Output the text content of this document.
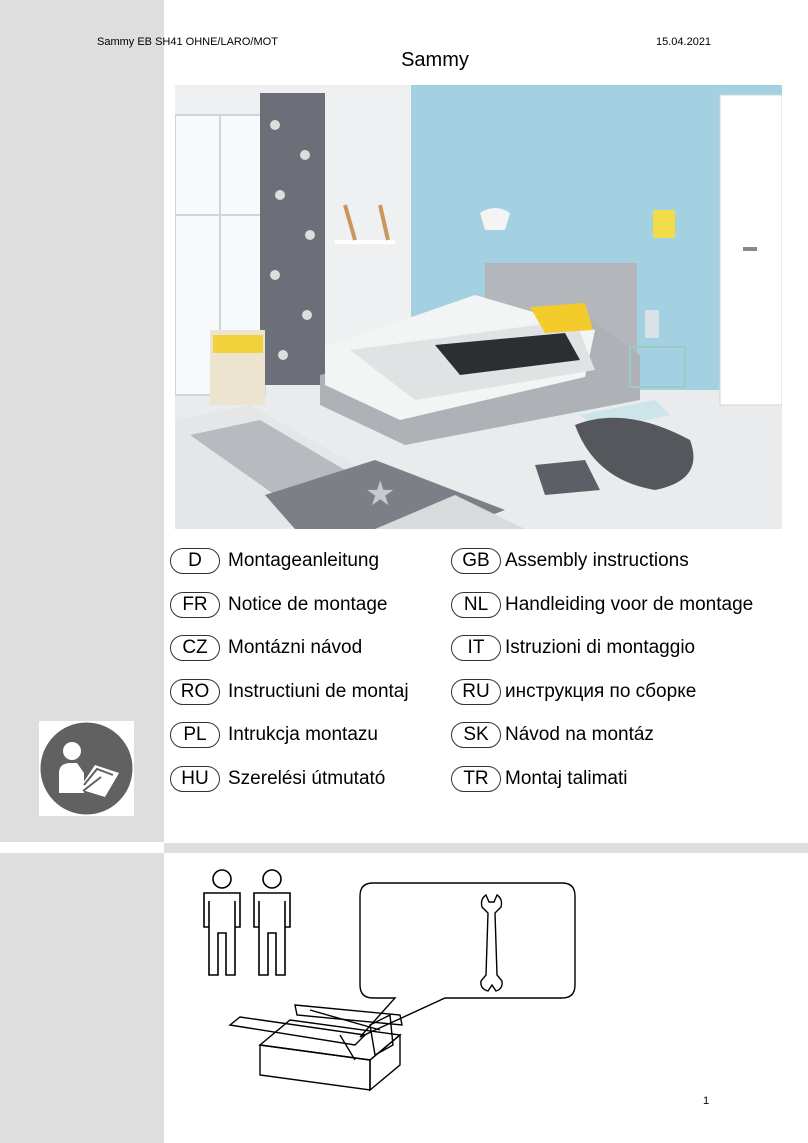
Sammy EB SH41 OHNE/LARO/MOT	15.04.2021
Sammy
★
D	Montageanleitung	GB Assembly instructions
FR	Notice de montage	NL Handleiding voor de montage
CZ	Montázni návod	IT	Istruzioni di montaggio
RO Instructiuni de montaj	RU инструкция по сборке
PL	Intrukcja montazu	SK Návod na montáz
HU	Szerelési útmutató	TR Montaj talimati
1
